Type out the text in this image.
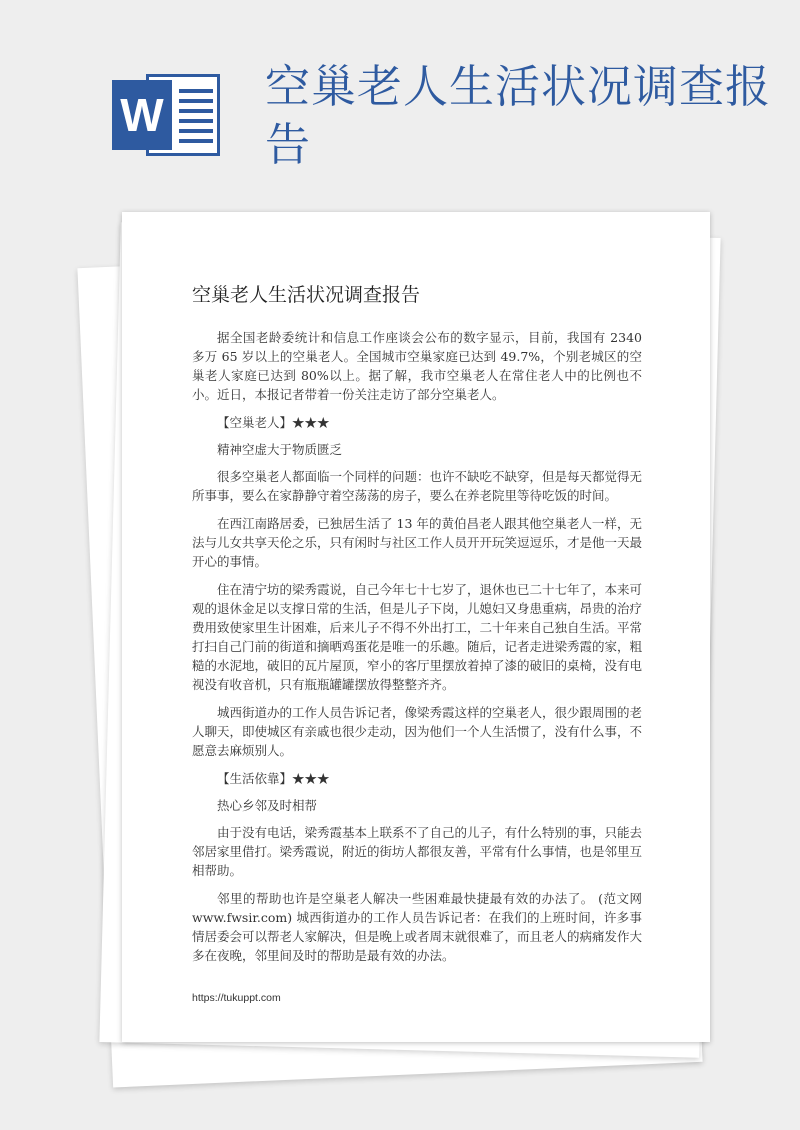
W
空巢老人生活状况调查报告
空巢老人生活状况调查报告

据全国老龄委统计和信息工作座谈会公布的数字显示，目前，我国有 2340 多万 65 岁以上的空巢老人。全国城市空巢家庭已达到 49.7%，个别老城区的空巢老人家庭已达到 80%以上。据了解，我市空巢老人在常住老人中的比例也不小。近日，本报记者带着一份关注走访了部分空巢老人。

【空巢老人】★★★

精神空虚大于物质匮乏

很多空巢老人都面临一个同样的问题：也许不缺吃不缺穿，但是每天都觉得无所事事，要么在家静静守着空荡荡的房子，要么在养老院里等待吃饭的时间。

在西江南路居委，已独居生活了 13 年的黄伯昌老人跟其他空巢老人一样，无法与儿女共享天伦之乐，只有闲时与社区工作人员开开玩笑逗逗乐，才是他一天最开心的事情。

住在清宁坊的梁秀霞说，自己今年七十七岁了，退休也已二十七年了，本来可观的退休金足以支撑日常的生活，但是儿子下岗，儿媳妇又身患重病，昂贵的治疗费用致使家里生计困难，后来儿子不得不外出打工，二十年来自己独自生活。平常打扫自己门前的街道和摘晒鸡蛋花是唯一的乐趣。随后，记者走进梁秀霞的家，粗糙的水泥地，破旧的瓦片屋顶，窄小的客厅里摆放着掉了漆的破旧的桌椅，没有电视没有收音机，只有瓶瓶罐罐摆放得整整齐齐。

城西街道办的工作人员告诉记者，像梁秀霞这样的空巢老人，很少跟周围的老人聊天，即使城区有亲戚也很少走动，因为他们一个人生活惯了，没有什么事，不愿意去麻烦别人。

【生活依靠】★★★

热心乡邻及时相帮

由于没有电话，梁秀霞基本上联系不了自己的儿子，有什么特别的事，只能去邻居家里借打。梁秀霞说，附近的街坊人都很友善，平常有什么事情，也是邻里互相帮助。

邻里的帮助也许是空巢老人解决一些困难最快捷最有效的办法了。 (范文网 www.fwsir.com) 城西街道办的工作人员告诉记者：在我们的上班时间，许多事情居委会可以帮老人家解决，但是晚上或者周末就很难了，而且老人的病痛发作大多在夜晚，邻里间及时的帮助是最有效的办法。

https://tukuppt.com
